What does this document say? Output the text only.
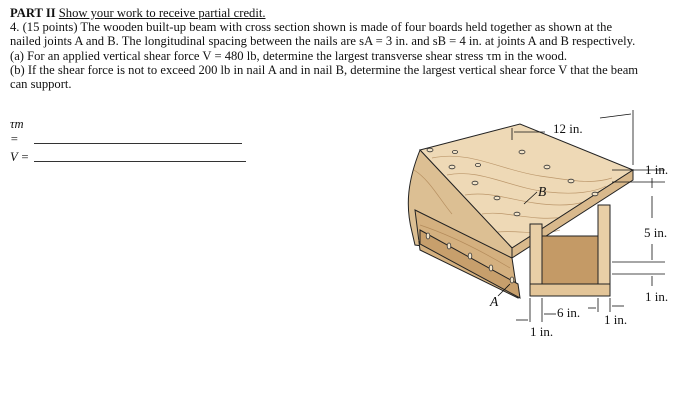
PART II Show your work to receive partial credit.

4. (15 points) The wooden built-up beam with cross section shown is made of four boards held together as shown at the

nailed joints A and B. The longitudinal spacing between the nails are sA = 3 in. and sB = 4 in. at joints A and B respectively.

(a) For an applied vertical shear force V = 480 lb, determine the largest transverse shear stress τm in the wood.

(b) If the shear force is not to exceed 200 lb in nail A and in nail B, determine the largest vertical shear force V that the beam

can support.

τm =
V =
12 in.
1 in.
5 in.
1 in.
6 in. 1 in.
1 in.
A
B
